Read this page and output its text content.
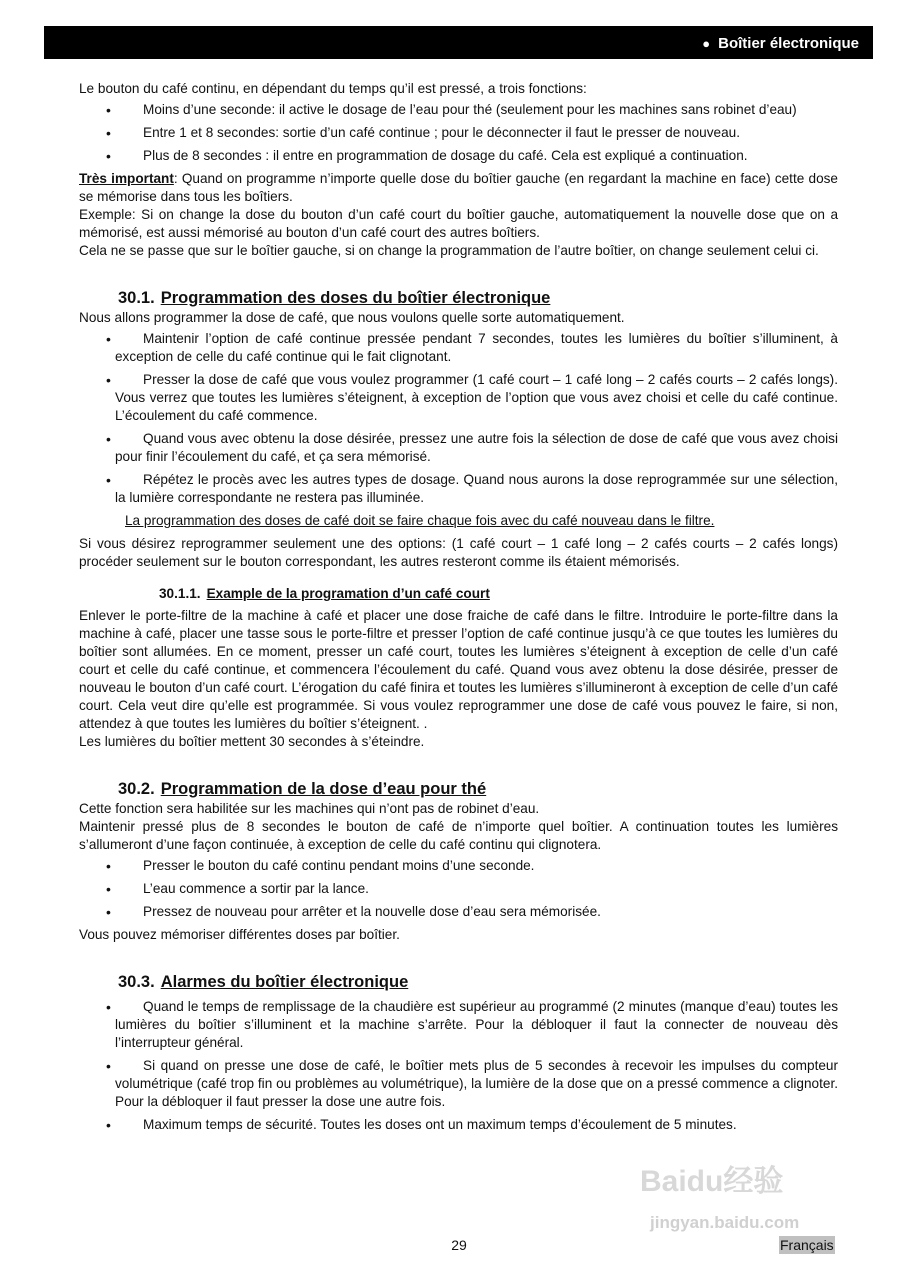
● Boîtier électronique

Le bouton du café continu, en dépendant du temps qu’il est pressé, a trois fonctions:

• Moins d’une seconde: il active le dosage de l’eau pour thé (seulement pour les machines sans robinet d’eau)
• Entre 1 et 8 secondes: sortie d’un café continue ; pour le déconnecter il faut le presser de nouveau.
• Plus de 8 secondes : il entre en programmation de dosage du café. Cela est expliqué a continuation.

Très important: Quand on programme n’importe quelle dose du boîtier gauche (en regardant la machine en face) cette dose se mémorise dans tous les boîtiers.

Exemple: Si on change la dose du bouton d’un café court du boîtier gauche, automatiquement la nouvelle dose que on a mémorisé, est aussi mémorisé au bouton d’un café court des autres boîtiers.

Cela ne se passe que sur le boîtier gauche, si on change la programmation de l’autre boîtier, on change seulement celui ci.

30.1. Programmation des doses du boîtier électronique

Nous allons programmer la dose de café, que nous voulons quelle sorte automatiquement.

• Maintenir l’option de café continue pressée pendant 7 secondes, toutes les lumières du boîtier s’illuminent, à exception de celle du café continue qui le fait clignotant.
• Presser la dose de café que vous voulez programmer (1 café court – 1 café long – 2 cafés courts – 2 cafés longs). Vous verrez que toutes les lumières s’éteignent, à exception de l’option que vous avez choisi et celle du café continue. L’écoulement du café commence.
• Quand vous avec obtenu la dose désirée, pressez une autre fois la sélection de dose de café que vous avez choisi pour finir l’écoulement du café, et ça sera mémorisé.
• Répétez le procès avec les autres types de dosage. Quand nous aurons la dose reprogrammée sur une sélection, la lumière correspondante ne restera pas illuminée.

La programmation des doses de café doit se faire chaque fois avec du café nouveau dans le filtre.

Si vous désirez reprogrammer seulement une des options: (1 café court – 1 café long – 2 cafés courts – 2 cafés longs) procéder seulement sur le bouton correspondant, les autres resteront comme ils étaient mémorisés.

30.1.1. Example de la programation d’un café court

Enlever le porte-filtre de la machine à café et placer une dose fraiche de café dans le filtre. Introduire le porte-filtre dans la machine à café, placer une tasse sous le porte-filtre et presser l’option de café continue jusqu’à ce que toutes les lumières du boîtier sont allumées. En ce moment, presser un café court, toutes les lumières s’éteignent à exception de celle d’un café court et celle du café continue, et commencera l’écoulement du café. Quand vous avez obtenu la dose désirée, presser de nouveau le bouton d’un café court. L’érogation du café finira et toutes les lumières s’illumineront à exception de celle d’un café court. Cela veut dire qu’elle est programmée. Si vous voulez reprogrammer une dose de café vous pouvez le faire, si non, attendez à que toutes les lumières du boîtier s’éteignent. .

Les lumières du boîtier mettent 30 secondes à s’éteindre.

30.2. Programmation de la dose d’eau pour thé

Cette fonction sera habilitée sur les machines qui n’ont pas de robinet d’eau.

Maintenir pressé plus de 8 secondes le bouton de café de n’importe quel boîtier. A continuation toutes les lumières s’allumeront d’une façon continuée, à exception de celle du café continu qui clignotera.

• Presser le bouton du café continu pendant moins d’une seconde.
• L’eau commence a sortir par la lance.
• Pressez de nouveau pour arrêter et la nouvelle dose d’eau sera mémorisée.

Vous pouvez mémoriser différentes doses par boîtier.

30.3. Alarmes du boîtier électronique
• Quand le temps de remplissage de la chaudière est supérieur au programmé (2 minutes (manque d’eau) toutes les lumières du boîtier s’illuminent et la machine s’arrête. Pour la débloquer il faut la connecter de nouveau dès l’interrupteur général.
• Si quand on presse une dose de café, le boîtier mets plus de 5 secondes à recevoir les impulses du compteur volumétrique (café trop fin ou problèmes au volumétrique), la lumière de la dose que on a pressé commence a clignoter. Pour la débloquer il faut presser la dose une autre fois.
• Maximum temps de sécurité. Toutes les doses ont un maximum temps d’écoulement de 5 minutes.
Baidu经验
jingyan.baidu.com
29	Français
